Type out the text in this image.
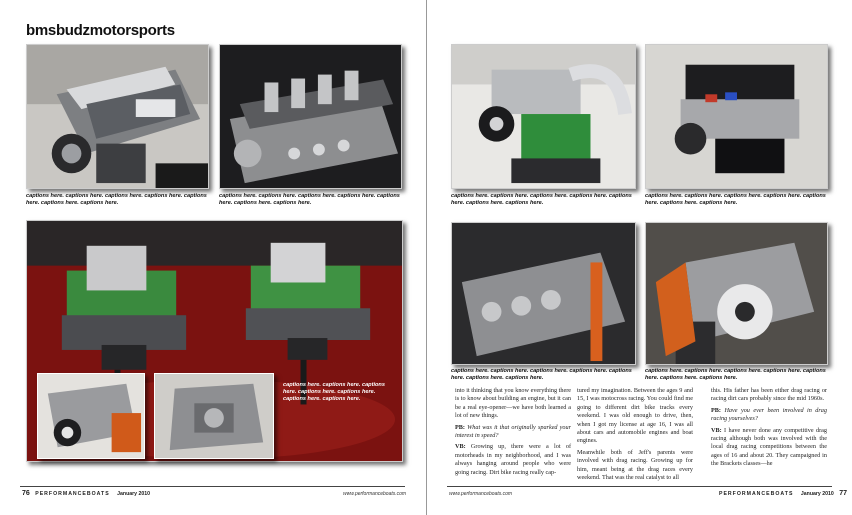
bmsbudzmotorsports
captions here. captions here. captions here. captions here. captions here. captions here. captions here.
captions here. captions here. captions here. captions here. captions here. captions here. captions here.
captions here. captions here. captions here. captions here. captions here. captions here. captions here.
76 PERFORMANCEBOATS January 2010	www.performanceboats.com
captions here. captions here. captions here. captions here. captions here. captions here. captions here.
captions here. captions here. captions here. captions here. captions here. captions here. captions here.
captions here. captions here. captions here. captions here. captions here. captions here. captions here.
captions here. captions here. captions here. captions here. captions here. captions here. captions here.

into it thinking that you know everything there is to know about building an engine, but it can be a real eye-opener—we have both learned a lot of new things.

PB: What was it that originally sparked your interest in speed?

VB: Growing up, there were a lot of motorheads in my neighborhood, and I was always hanging around people who were going racing. Dirt bike racing really cap-

tured my imagination. Between the ages 9 and 15, I was motocross racing. You could find me going to different dirt bike tracks every weekend. I was old enough to drive, then, when I got my license at age 16, I was all about cars and automobile engines and boat engines.

Meanwhile both of Jeff's parents were involved with drag racing. Growing up for him, meant being at the drag races every weekend. That was the real catalyst to all

this. His father has been either drag racing or racing dirt cars probably since the mid 1960s.

PB: Have you ever been involved in drag racing yourselves?

VB: I have never done any competitive drag racing although both was involved with the local drag racing competitions between the ages of 16 and about 20. They campaigned in the Brackets classes—he

www.performanceboats.com	PERFORMANCEBOATS January 2010 77
